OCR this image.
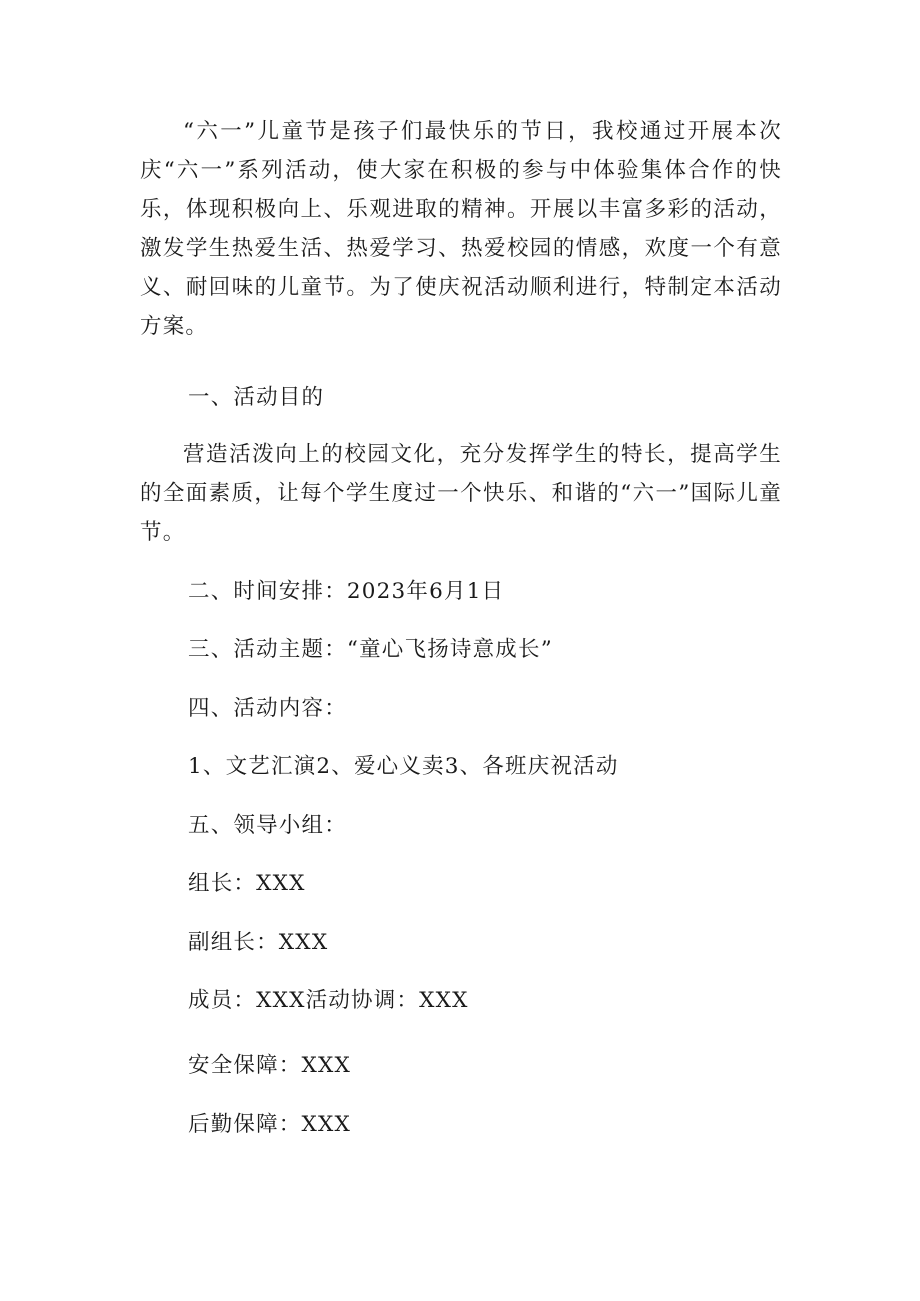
“六一”儿童节是孩子们最快乐的节日，我校通过开展本次庆“六一”系列活动，使大家在积极的参与中体验集体合作的快乐，体现积极向上、乐观进取的精神。开展以丰富多彩的活动，激发学生热爱生活、热爱学习、热爱校园的情感，欢度一个有意义、耐回味的儿童节。为了使庆祝活动顺利进行，特制定本活动方案。

一、活动目的

营造活泼向上的校园文化，充分发挥学生的特长，提高学生的全面素质，让每个学生度过一个快乐、和谐的“六一”国际儿童节。

二、时间安排：2023年6月1日

三、活动主题：“童心飞扬诗意成长”

四、活动内容：

1、文艺汇演2、爱心义卖3、各班庆祝活动

五、领导小组：

组长：XXX

副组长：XXX

成员：XXX活动协调：XXX

安全保障：XXX

后勤保障：XXX
